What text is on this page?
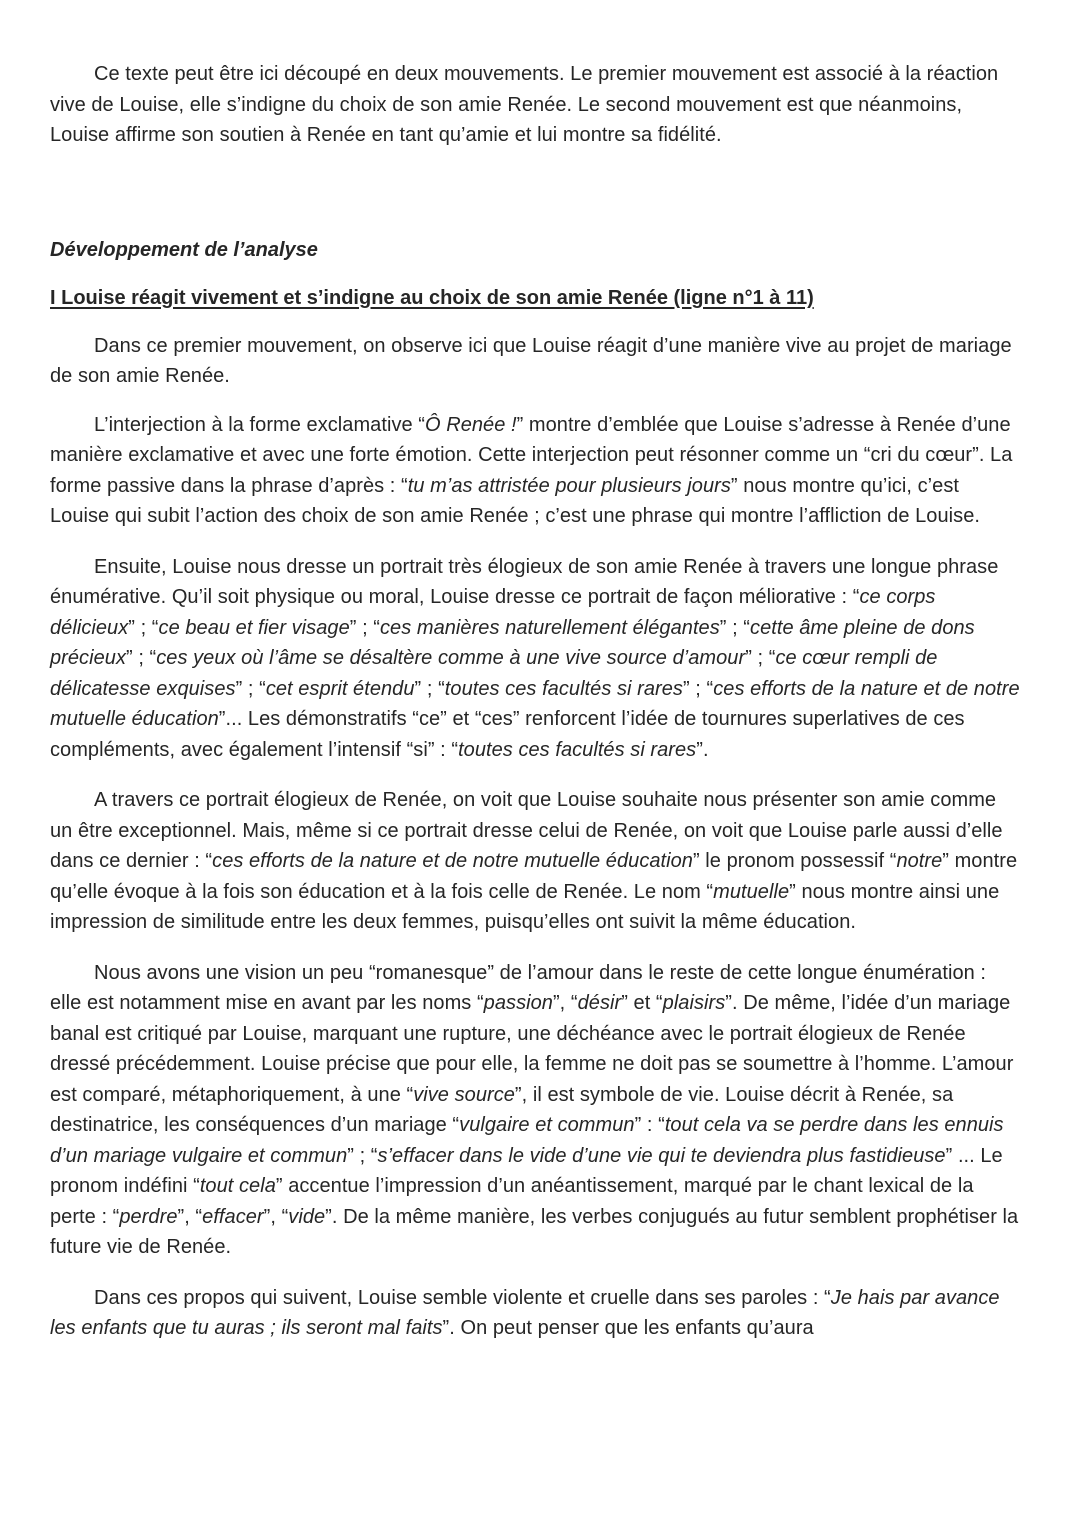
Ce texte peut être ici découpé en deux mouvements. Le premier mouvement est associé à la réaction vive de Louise, elle s’indigne du choix de son amie Renée. Le second mouvement est que néanmoins, Louise affirme son soutien à Renée en tant qu’amie et lui montre sa fidélité.

Développement de l’analyse
I Louise réagit vivement et s’indigne au choix de son amie Renée (ligne n°1 à 11)

Dans ce premier mouvement, on observe ici que Louise réagit d’une manière vive au projet de mariage de son amie Renée.

L’interjection à la forme exclamative “Ô Renée !” montre d’emblée que Louise s’adresse à Renée d’une manière exclamative et avec une forte émotion. Cette interjection peut résonner comme un “cri du cœur”. La forme passive dans la phrase d’après : “tu m’as attristée pour plusieurs jours” nous montre qu’ici, c’est Louise qui subit l’action des choix de son amie Renée ; c’est une phrase qui montre l’affliction de Louise.

Ensuite, Louise nous dresse un portrait très élogieux de son amie Renée à travers une longue phrase énumérative. Qu’il soit physique ou moral, Louise dresse ce portrait de façon méliorative : “ce corps délicieux” ; “ce beau et fier visage” ; “ces manières naturellement élégantes” ; “cette âme pleine de dons précieux” ; “ces yeux où l’âme se désaltère comme à une vive source d’amour” ; “ce cœur rempli de délicatesse exquises” ; “cet esprit étendu” ; “toutes ces facultés si rares” ; “ces efforts de la nature et de notre mutuelle éducation”... Les démonstratifs “ce” et “ces” renforcent l’idée de tournures superlatives de ces compléments, avec également l’intensif “si” : “toutes ces facultés si rares”.

A travers ce portrait élogieux de Renée, on voit que Louise souhaite nous présenter son amie comme un être exceptionnel. Mais, même si ce portrait dresse celui de Renée, on voit que Louise parle aussi d’elle dans ce dernier : “ces efforts de la nature et de notre mutuelle éducation” le pronom possessif “notre” montre qu’elle évoque à la fois son éducation et à la fois celle de Renée. Le nom “mutuelle” nous montre ainsi une impression de similitude entre les deux femmes, puisqu’elles ont suivit la même éducation.

Nous avons une vision un peu “romanesque” de l’amour dans le reste de cette longue énumération : elle est notamment mise en avant par les noms “passion”, “désir” et “plaisirs”. De même, l’idée d’un mariage banal est critiqué par Louise, marquant une rupture, une déchéance avec le portrait élogieux de Renée dressé précédemment. Louise précise que pour elle, la femme ne doit pas se soumettre à l’homme. L’amour est comparé, métaphoriquement, à une “vive source”, il est symbole de vie. Louise décrit à Renée, sa destinatrice, les conséquences d’un mariage “vulgaire et commun” : “tout cela va se perdre dans les ennuis d’un mariage vulgaire et commun” ; “s’effacer dans le vide d’une vie qui te deviendra plus fastidieuse” ... Le pronom indéfini “tout cela” accentue l’impression d’un anéantissement, marqué par le chant lexical de la perte : “perdre”, “effacer”, “vide”. De la même manière, les verbes conjugués au futur semblent prophétiser la future vie de Renée.

Dans ces propos qui suivent, Louise semble violente et cruelle dans ses paroles : “Je hais par avance les enfants que tu auras ; ils seront mal faits”. On peut penser que les enfants qu’aura
